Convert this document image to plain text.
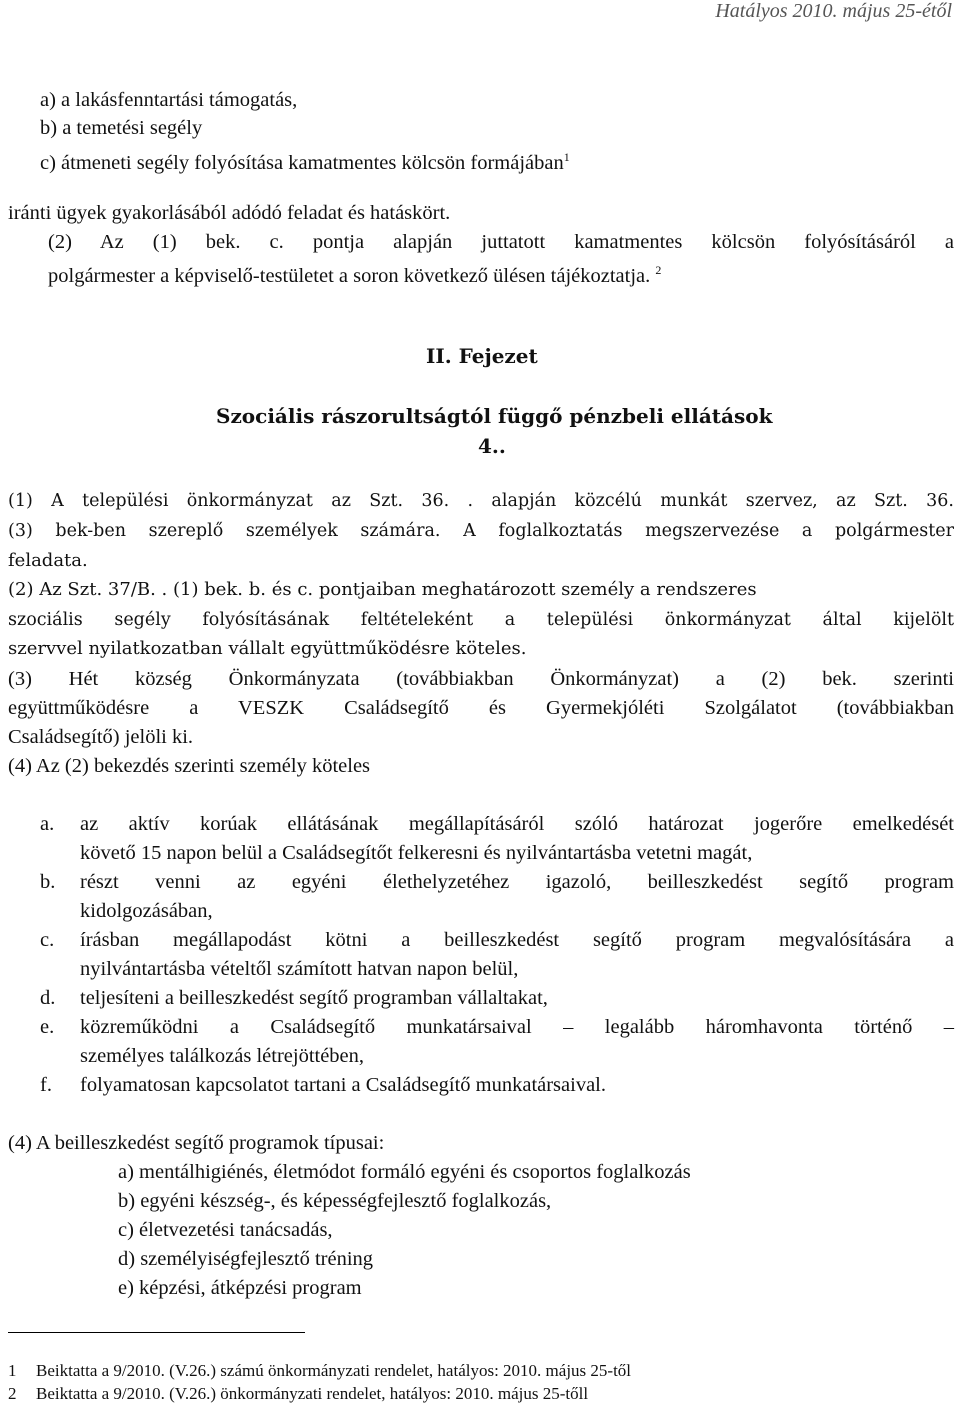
Hatályos 2010. május 25-étől
a) a lakásfenntartási támogatás,
b) a temetési segély
c) átmeneti segély folyósítása kamatmentes kölcsön formájában$^1$
iránti ügyek gyakorlásából adódó feladat és hatáskört.
(2) Az (1) bek. c. pontja alapján juttatott kamatmentes kölcsön folyósításáról a
polgármester a képviselő-testületet a soron következő ülésen tájékoztatja. $^2$
II. Fejezet
Szociális rászorultságtól függő pénzbeli ellátások
4..
(1) A települési önkormányzat az Szt. 36. . alapján közcélú munkát szervez, az Szt. 36.
(3) bek-ben szereplő személyek számára. A foglalkoztatás megszervezése a polgármester
feladata.
(2) Az Szt. 37/B. . (1) bek. b. és c. pontjaiban meghatározott személy a rendszeres
szociális segély folyósításának feltételeként a települési önkormányzat által kijelölt
szervvel nyilatkozatban vállalt együttműködésre köteles.
(3) Hét község Önkormányzata (továbbiakban Önkormányzat) a (2) bek. szerinti
együttműködésre a VESZK Családsegítő és Gyermekjóléti Szolgálatot (továbbiakban
Családsegítő) jelöli ki.
(4) Az (2) bekezdés szerinti személy köteles
a. az aktív korúak ellátásának megállapításáról szóló határozat jogerőre emelkedését
követő 15 napon belül a Családsegítőt felkeresni és nyilvántartásba vetetni magát,
b. részt venni az egyéni élethelyzetéhez igazoló, beilleszkedést segítő program
kidolgozásában,
c. írásban megállapodást kötni a beilleszkedést segítő program megvalósítására a
nyilvántartásba vételtől számított hatvan napon belül,
d. teljesíteni a beilleszkedést segítő programban vállaltakat,
e. közreműködni a Családsegítő munkatársaival – legalább háromhavonta történő –
személyes találkozás létrejöttében,
f. folyamatosan kapcsolatot tartani a Családsegítő munkatársaival.
(4) A beilleszkedést segítő programok típusai:
a) mentálhigiénés, életmódot formáló egyéni és csoportos foglalkozás
b) egyéni készség-, és képességfejlesztő foglalkozás,
c) életvezetési tanácsadás,
d) személyiségfejlesztő tréning
e) képzési, átképzési program
1 Beiktatta a 9/2010. (V.26.) számú önkormányzati rendelet, hatályos: 2010. május 25-től
2 Beiktatta a 9/2010. (V.26.) önkormányzati rendelet, hatályos: 2010. május 25-tőll
